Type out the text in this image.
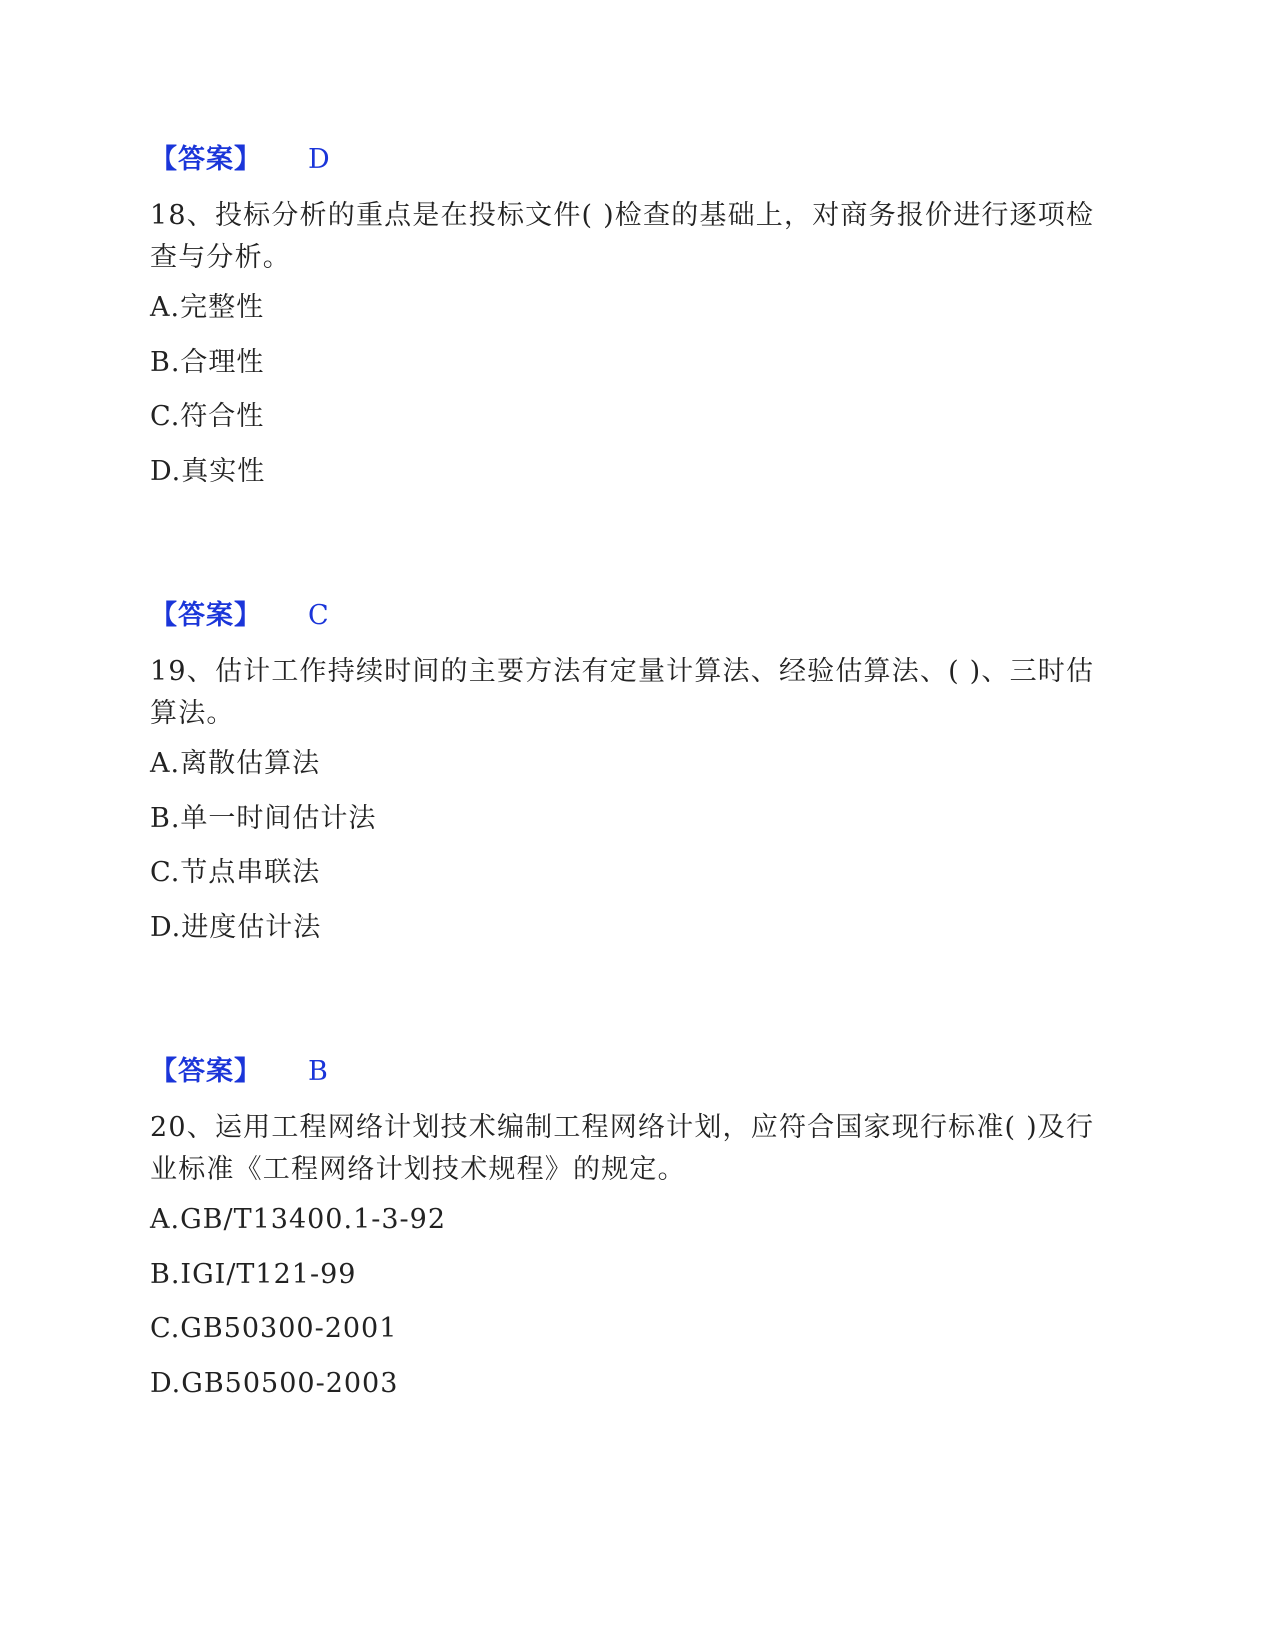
【答案】 D
18、投标分析的重点是在投标文件( )检查的基础上，对商务报价进行逐项检查与分析。
A.完整性
B.合理性
C.符合性
D.真实性
【答案】 C
19、估计工作持续时间的主要方法有定量计算法、经验估算法、( )、三时估算法。
A.离散估算法
B.单一时间估计法
C.节点串联法
D.进度估计法
【答案】 B
20、运用工程网络计划技术编制工程网络计划，应符合国家现行标准( )及行业标准《工程网络计划技术规程》的规定。
A.GB/T13400.1-3-92
B.IGI/T121-99
C.GB50300-2001
D.GB50500-2003
